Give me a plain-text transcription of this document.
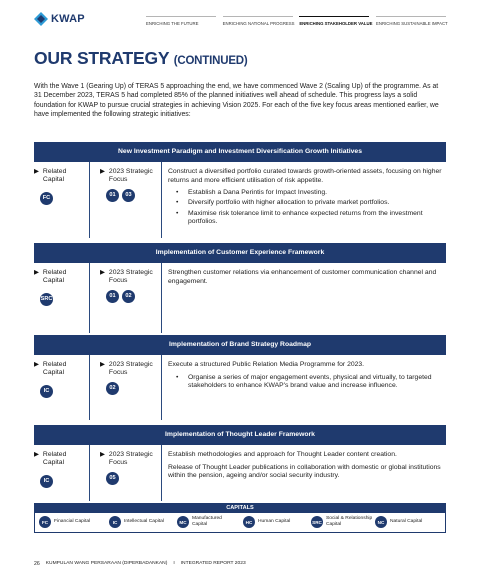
KWAP	ENRICHING THE FUTURE	ENRICHING NATIONAL PROGRESS ENRICHING STAKEHOLDER VALUE ENRICHING SUSTAINABLE IMPACT
OUR STRATEGY (CONTINUED)

With the Wave 1 (Gearing Up) of TERAS 5 approaching the end, we have commenced Wave 2 (Scaling Up) of the programme. As at 31 December 2023, TERAS 5 had completed 85% of the planned initiatives well ahead of schedule. This progress lays a solid foundation for KWAP to pursue crucial strategies in achieving Vision 2025. For each of the five key focus areas mentioned earlier, we have implemented the following strategic initiatives:

New Investment Paradigm and Investment Diversification Growth Initiatives
▶ Related Capital
FC
▶ 2023 Strategic Focus
01	03

Construct a diversified portfolio curated towards growth-oriented assets, focusing on higher returns and more efficient utilisation of risk appetite.

• Establish a Dana Perintis for Impact Investing.
• Diversify portfolio with higher allocation to private market portfolios.
• Maximise risk tolerance limit to enhance expected returns from the investment portfolios.
Implementation of Customer Experience Framework
▶ Related Capital
SRC
▶ 2023 Strategic Focus
01	02

Strengthen customer relations via enhancement of customer communication channel and engagement.

Implementation of Brand Strategy Roadmap
▶ Related Capital
IC
▶ 2023 Strategic Focus
02

Execute a structured Public Relation Media Programme for 2023.

• Organise a series of major engagement events, physical and virtually, to targeted stakeholders to enhance KWAP's brand value and increase influence.
Implementation of Thought Leader Framework
▶ Related Capital
IC
▶ 2023 Strategic Focus
05

Establish methodologies and approach for Thought Leader content creation.

Release of Thought Leader publications in collaboration with domestic or global institutions within the pension, ageing and/or social security industry.

CAPITALS
FC	Financial Capital	IC	Intellectual Capital	MC
Manufactured Capital	HC	Human Capital	SRC
Social & Relationship Capital	NC	Natural Capital
26 KUMPULAN WANG PERSARAAN (DIPERBADANKAN) I INTEGRATED REPORT 2023
